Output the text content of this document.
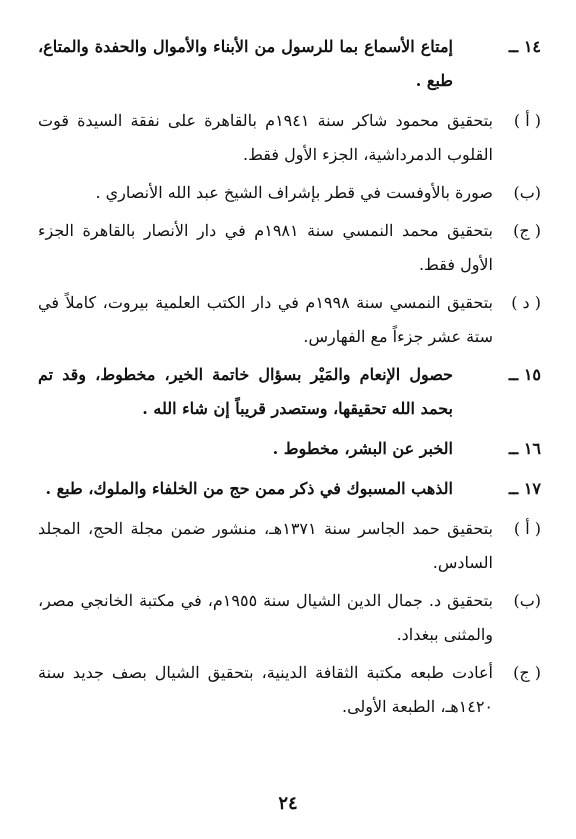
١٤ ــ
إمتاع الأسماع بما للرسول من الأبناء والأموال والحفدة والمتاع، طبع .
( أ )
بتحقيق محمود شاكر سنة ١٩٤١م بالقاهرة على نفقة السيدة قوت القلوب الدمرداشية، الجزء الأول فقط.
(ب)
صورة بالأوفست في قطر بإشراف الشيخ عبد الله الأنصاري .
( ج)
بتحقيق محمد النمسي سنة ١٩٨١م في دار الأنصار بالقاهرة الجزء الأول فقط.
( د )
بتحقيق النمسي سنة ١٩٩٨م في دار الكتب العلمية بيروت، كاملاً في ستة عشر جزءاً مع الفهارس.
١٥ ــ
حصول الإنعام والمَيْر بسؤال خاتمة الخير، مخطوط، وقد تم بحمد الله تحقيقها، وستصدر قريباً إن شاء الله .
١٦ ــ
الخبر عن البشر، مخطوط .
١٧ ــ
الذهب المسبوك في ذكر ممن حج من الخلفاء والملوك، طبع .
( أ )
بتحقيق حمد الجاسر سنة ١٣٧١هـ، منشور ضمن مجلة الحج، المجلد السادس.
(ب)
بتحقيق د. جمال الدين الشيال سنة ١٩٥٥م، في مكتبة الخانجي مصر، والمثنى ببغداد.
( ج)
أعادت طبعه مكتبة الثقافة الدينية، بتحقيق الشيال بصف جديد سنة ١٤٢٠هـ، الطبعة الأولى.
٢٤
